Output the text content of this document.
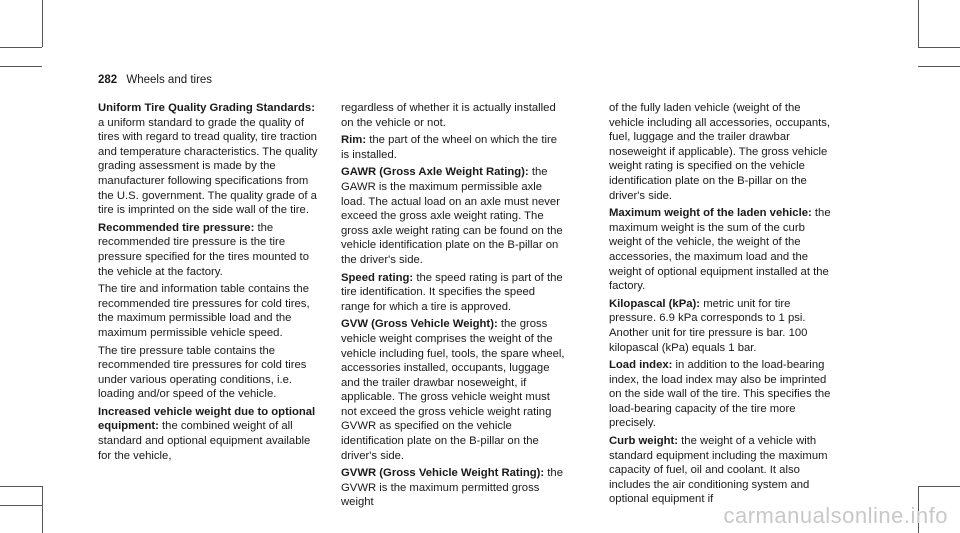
282 Wheels and tires

Uniform Tire Quality Grading Standards: a uniform standard to grade the quality of tires with regard to tread quality, tire traction and temperature characteristics. The quality grading assessment is made by the manufacturer following specifications from the U.S. government. The quality grade of a tire is imprinted on the side wall of the tire.

Recommended tire pressure: the recommended tire pressure is the tire pressure specified for the tires mounted to the vehicle at the factory.

The tire and information table contains the recommended tire pressures for cold tires, the maximum permissible load and the maximum permissible vehicle speed.

The tire pressure table contains the recommended tire pressures for cold tires under various operating conditions, i.e. loading and/or speed of the vehicle.

Increased vehicle weight due to optional equipment: the combined weight of all standard and optional equipment available for the vehicle,

regardless of whether it is actually installed on the vehicle or not.

Rim: the part of the wheel on which the tire is installed.

GAWR (Gross Axle Weight Rating): the GAWR is the maximum permissible axle load. The actual load on an axle must never exceed the gross axle weight rating. The gross axle weight rating can be found on the vehicle identification plate on the B-pillar on the driver's side.

Speed rating: the speed rating is part of the tire identification. It specifies the speed range for which a tire is approved.

GVW (Gross Vehicle Weight): the gross vehicle weight comprises the weight of the vehicle including fuel, tools, the spare wheel, accessories installed, occupants, luggage and the trailer drawbar noseweight, if applicable. The gross vehicle weight must not exceed the gross vehicle weight rating GVWR as specified on the vehicle identification plate on the B-pillar on the driver's side.

GVWR (Gross Vehicle Weight Rating): the GVWR is the maximum permitted gross weight

of the fully laden vehicle (weight of the vehicle including all accessories, occupants, fuel, luggage and the trailer drawbar noseweight if applicable). The gross vehicle weight rating is specified on the vehicle identification plate on the B-pillar on the driver's side.

Maximum weight of the laden vehicle: the maximum weight is the sum of the curb weight of the vehicle, the weight of the accessories, the maximum load and the weight of optional equipment installed at the factory.

Kilopascal (kPa): metric unit for tire pressure. 6.9 kPa corresponds to 1 psi. Another unit for tire pressure is bar. 100 kilopascal (kPa) equals 1 bar.

Load index: in addition to the load-bearing index, the load index may also be imprinted on the side wall of the tire. This specifies the load-bearing capacity of the tire more precisely.

Curb weight: the weight of a vehicle with standard equipment including the maximum capacity of fuel, oil and coolant. It also includes the air conditioning system and optional equipment if

carmanualsonline.info
